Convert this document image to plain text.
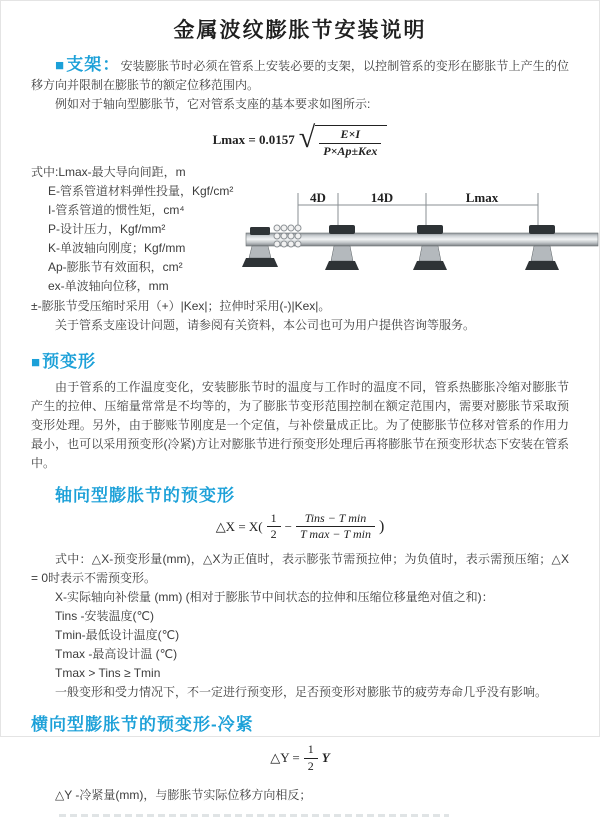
金属波纹膨胀节安装说明

■支架：安装膨胀节时必须在管系上安装必要的支架，以控制管系的变形在膨胀节上产生的位移方向并限制在膨胀节的额定位移范围内。

例如对于轴向型膨胀节，它对管系支座的基本要求如图所示:

Lmax = 0.0157 √ $\frac{E\times I}{\text{P×Ap±Kex}}$

式中:Lmax-最大导向间距，m

E-管系管道材料弹性投量，Kgf/cm²

I-管系管道的惯性矩，cm⁴

P-设计压力，Kgf/mm²

K-单波轴向刚度；Kgf/mm

Ap-膨胀节有效面积，cm²

ex-单波轴向位移，mm

4D	14D	Lmax

±-膨胀节受压缩时采用（+）|Kex|；拉伸时采用(-)|Kex|。

关于管系支座设计问题，请参阅有关资料，本公司也可为用户提供咨询等服务。

■预变形

由于管系的工作温度变化，安装膨胀节时的温度与工作时的温度不同，管系热膨胀冷缩对膨胀节产生的拉伸、压缩量常常是不均等的，为了膨胀节变形范围控制在额定范围内，需要对膨胀节采取预变形处理。另外，由于膨账节刚度是一个定值，与补偿量成正比。为了使膨胀节位移对管系的作用力最小，也可以采用预变形(冷紧)方让对膨胀节进行预变形处理后再将膨胀节在预变形状态下安装在管系中。

轴向型膨胀节的预变形
△X = $X( \frac{1}{2} - \frac{\text{Tins − T min}}{\text{T max − T min}}$ )

式中：△X-预变形量(mm)，△X为正值时，表示膨张节需预拉伸；为负值时，表示需预压缩；△X = 0时表示不需预变形。

X-实际轴向补偿量 (mm) (相对于膨胀节中间状态的拉伸和压缩位移量绝对值之和)：

Tins -安装温度(℃)

Tmin-最低设计温度(℃)

Tmax -最高设计温 (℃)

Tmax > Tins ≥ Tmin

一般变形和受力情况下，不一定进行预变形，足否预变形对膨胀节的疲劳寿命几乎没有影响。

横向型膨胀节的预变形-冷紧
△Y = $\frac{1}{2}$ Y

△Y -冷紧量(mm)，与膨胀节实际位移方向相反；
